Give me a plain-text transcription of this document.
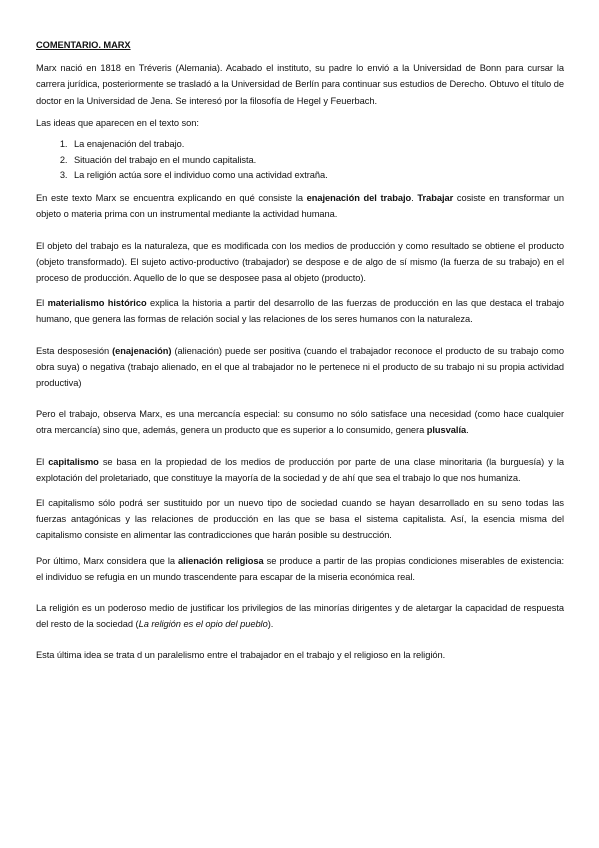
COMENTARIO. MARX

Marx nació en 1818 en Tréveris (Alemania). Acabado el instituto, su padre lo envió a la Universidad de Bonn para cursar la carrera jurídica, posteriormente se trasladó a la Universidad de Berlín para continuar sus estudios de Derecho. Obtuvo el título de doctor en la Universidad de Jena. Se interesó por la filosofía de Hegel y Feuerbach.

Las ideas que aparecen en el texto son:

1. La enajenación del trabajo.
2. Situación del trabajo en el mundo capitalista.
3. La religión actúa sore el individuo como una actividad extraña.

En este texto Marx se encuentra explicando en qué consiste la enajenación del trabajo. Trabajar cosiste en transformar un objeto o materia prima con un instrumental mediante la actividad humana.

El objeto del trabajo es la naturaleza, que es modificada con los medios de producción y como resultado se obtiene el producto (objeto transformado). El sujeto activo-productivo (trabajador) se despose e de algo de sí mismo (la fuerza de su trabajo) en el proceso de producción. Aquello de lo que se desposee pasa al objeto (producto).

El materialismo histórico explica la historia a partir del desarrollo de las fuerzas de producción en las que destaca el trabajo humano, que genera las formas de relación social y las relaciones de los seres humanos con la naturaleza.

Esta desposesión (enajenación) (alienación) puede ser positiva (cuando el trabajador reconoce el producto de su trabajo como obra suya) o negativa (trabajo alienado, en el que al trabajador no le pertenece ni el producto de su trabajo ni su propia actividad productiva)

Pero el trabajo, observa Marx, es una mercancía especial: su consumo no sólo satisface una necesidad (como hace cualquier otra mercancía) sino que, además, genera un producto que es superior a lo consumido, genera plusvalía.

El capitalismo se basa en la propiedad de los medios de producción por parte de una clase minoritaria (la burguesía) y la explotación del proletariado, que constituye la mayoría de la sociedad y de ahí que sea el trabajo lo que nos humaniza.

El capitalismo sólo podrá ser sustituido por un nuevo tipo de sociedad cuando se hayan desarrollado en su seno todas las fuerzas antagónicas y las relaciones de producción en las que se basa el sistema capitalista. Así, la esencia misma del capitalismo consiste en alimentar las contradicciones que harán posible su destrucción.

Por último, Marx considera que la alienación religiosa se produce a partir de las propias condiciones miserables de existencia: el individuo se refugia en un mundo trascendente para escapar de la miseria económica real.

La religión es un poderoso medio de justificar los privilegios de las minorías dirigentes y de aletargar la capacidad de respuesta del resto de la sociedad (La religión es el opio del pueblo).

Esta última idea se trata d un paralelismo entre el trabajador en el trabajo y el religioso en la religión.
